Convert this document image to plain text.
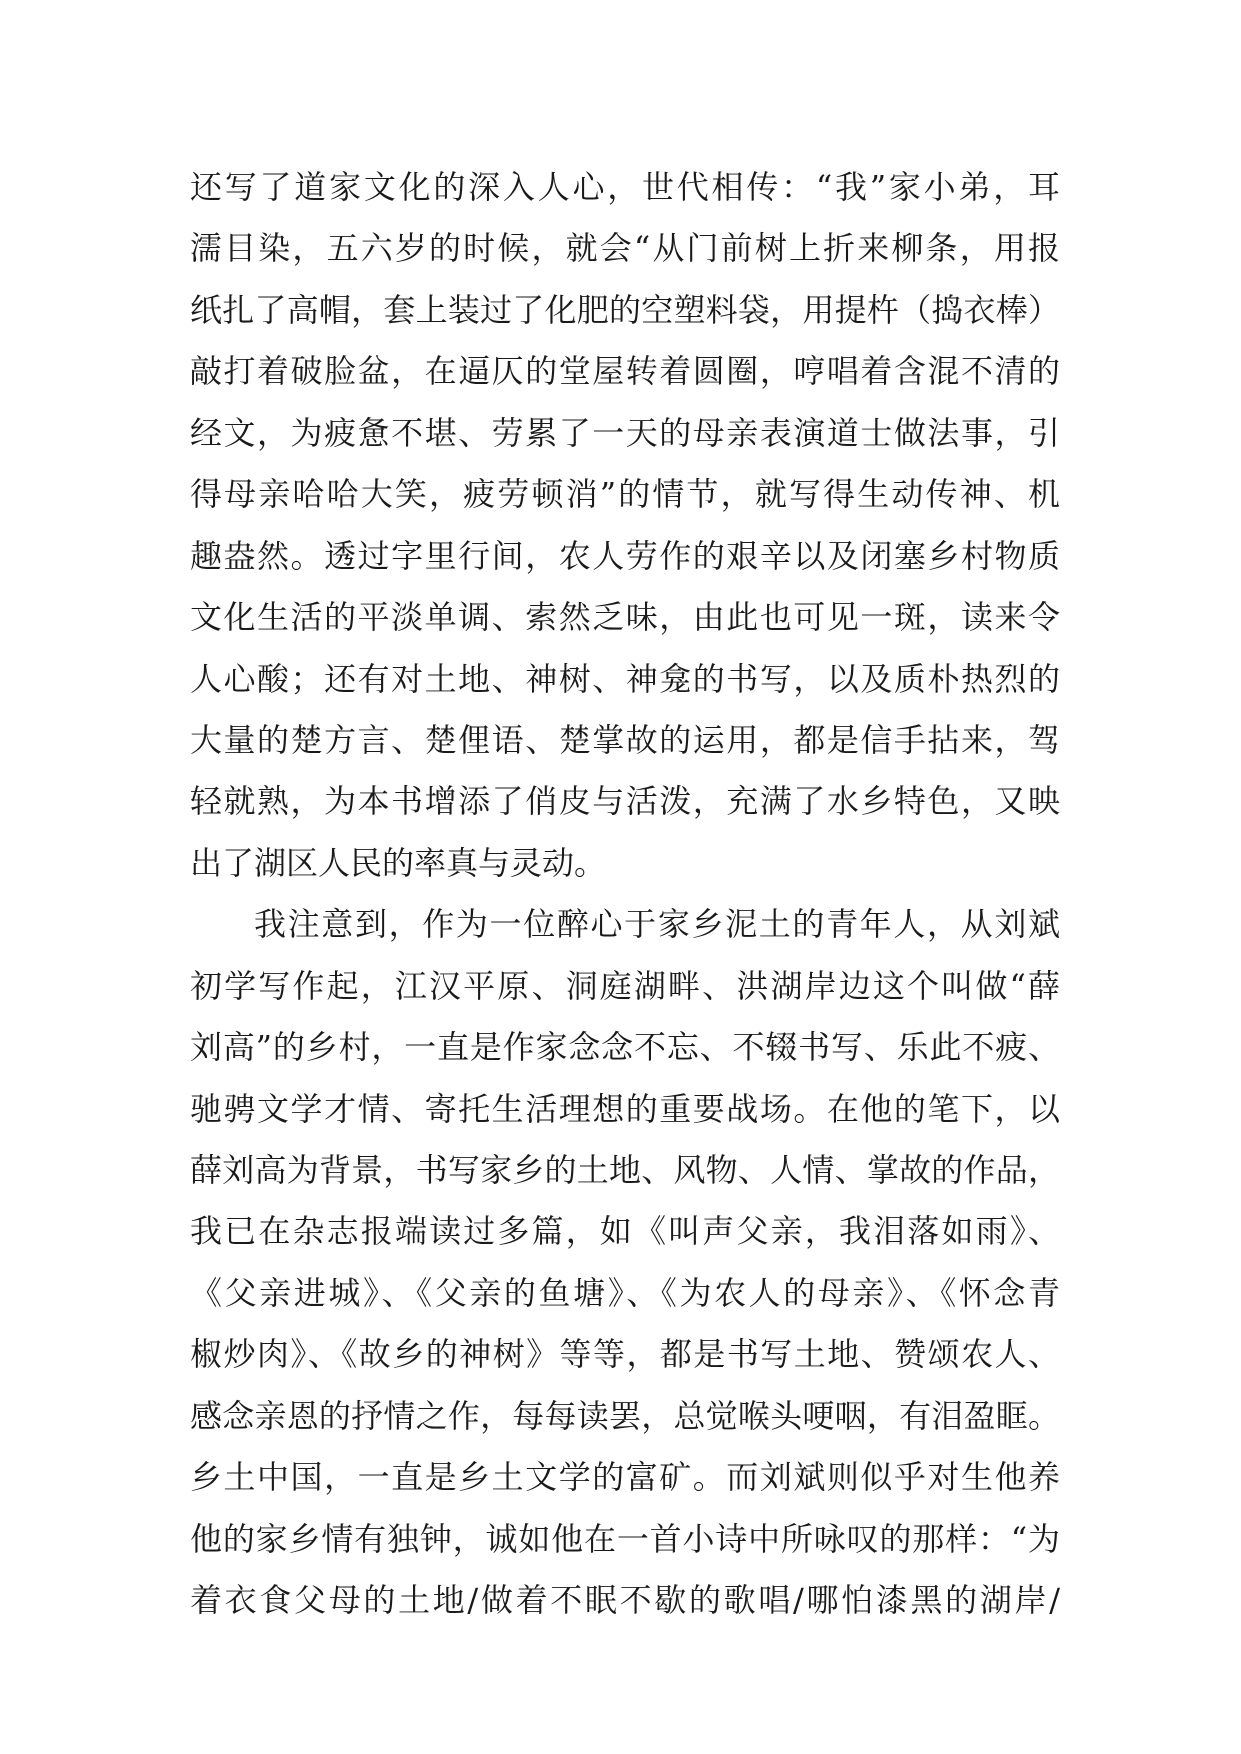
还写了道家文化的深入人心，世代相传：“我”家小弟，耳
濡目染，五六岁的时候，就会“从门前树上折来柳条，用报
纸扎了高帽，套上装过了化肥的空塑料袋，用提杵（捣衣棒）
敲打着破脸盆，在逼仄的堂屋转着圆圈，哼唱着含混不清的
经文，为疲惫不堪、劳累了一天的母亲表演道士做法事，引
得母亲哈哈大笑，疲劳顿消”的情节，就写得生动传神、机
趣盎然。透过字里行间，农人劳作的艰辛以及闭塞乡村物质
文化生活的平淡单调、索然乏味，由此也可见一斑，读来令
人心酸；还有对土地、神树、神龛的书写，以及质朴热烈的
大量的楚方言、楚俚语、楚掌故的运用，都是信手拈来，驾
轻就熟，为本书增添了俏皮与活泼，充满了水乡特色，又映
出了湖区人民的率真与灵动。
我注意到，作为一位醉心于家乡泥土的青年人，从刘斌
初学写作起，江汉平原、洞庭湖畔、洪湖岸边这个叫做“薛
刘高”的乡村，一直是作家念念不忘、不辍书写、乐此不疲、
驰骋文学才情、寄托生活理想的重要战场。在他的笔下，以
薛刘高为背景，书写家乡的土地、风物、人情、掌故的作品，
我已在杂志报端读过多篇，如《叫声父亲，我泪落如雨》、
《父亲进城》、《父亲的鱼塘》、《为农人的母亲》、《怀念青
椒炒肉》、《故乡的神树》等等，都是书写土地、赞颂农人、
感念亲恩的抒情之作，每每读罢，总觉喉头哽咽，有泪盈眶。
乡土中国，一直是乡土文学的富矿。而刘斌则似乎对生他养
他的家乡情有独钟，诚如他在一首小诗中所咏叹的那样：“为
着衣食父母的土地/做着不眠不歇的歌唱/哪怕漆黑的湖岸/
